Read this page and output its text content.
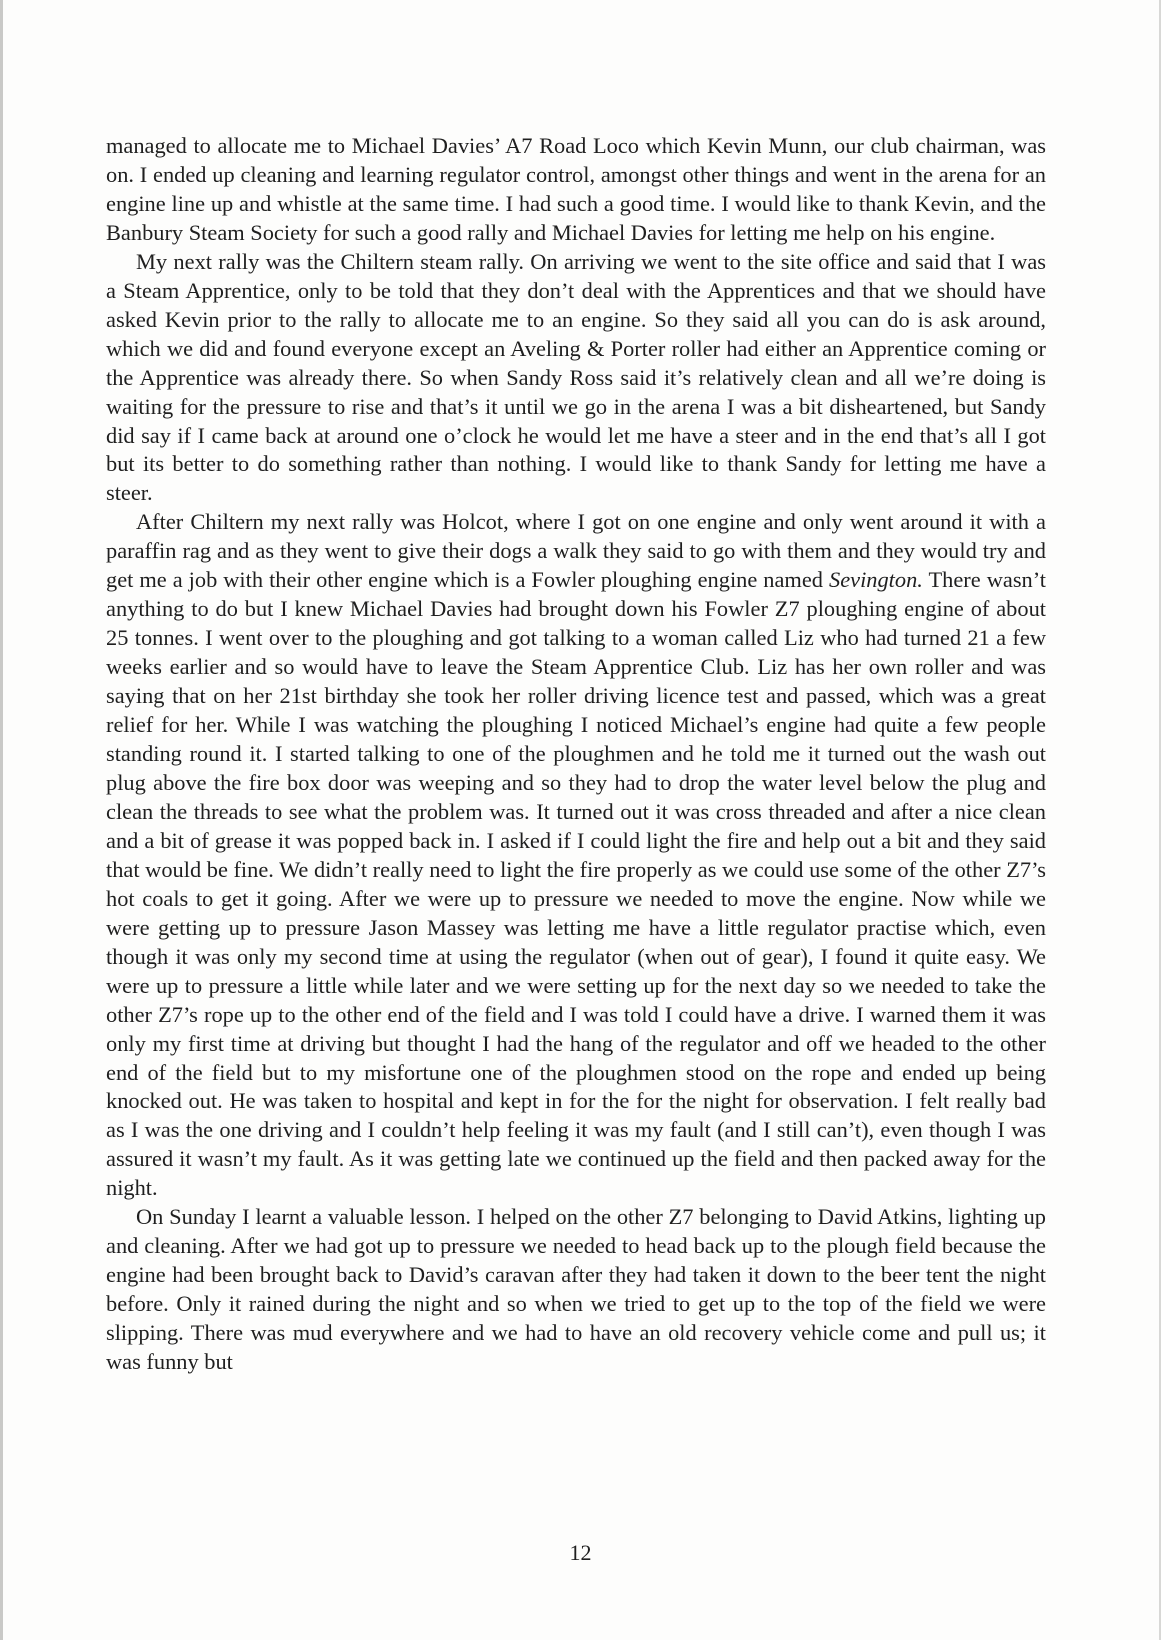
managed to allocate me to Michael Davies’ A7 Road Loco which Kevin Munn, our club chairman, was on. I ended up cleaning and learning regulator control, amongst other things and went in the arena for an engine line up and whistle at the same time. I had such a good time. I would like to thank Kevin, and the Banbury Steam Society for such a good rally and Michael Davies for letting me help on his engine.

My next rally was the Chiltern steam rally. On arriving we went to the site office and said that I was a Steam Apprentice, only to be told that they don’t deal with the Apprentices and that we should have asked Kevin prior to the rally to allocate me to an engine. So they said all you can do is ask around, which we did and found everyone except an Aveling & Porter roller had either an Apprentice coming or the Apprentice was already there. So when Sandy Ross said it’s relatively clean and all we’re doing is waiting for the pressure to rise and that’s it until we go in the arena I was a bit disheartened, but Sandy did say if I came back at around one o’clock he would let me have a steer and in the end that’s all I got but its better to do something rather than nothing. I would like to thank Sandy for letting me have a steer.

After Chiltern my next rally was Holcot, where I got on one engine and only went around it with a paraffin rag and as they went to give their dogs a walk they said to go with them and they would try and get me a job with their other engine which is a Fowler ploughing engine named Sevington. There wasn’t anything to do but I knew Michael Davies had brought down his Fowler Z7 ploughing engine of about 25 tonnes. I went over to the ploughing and got talking to a woman called Liz who had turned 21 a few weeks earlier and so would have to leave the Steam Apprentice Club. Liz has her own roller and was saying that on her 21st birthday she took her roller driving licence test and passed, which was a great relief for her. While I was watching the ploughing I noticed Michael’s engine had quite a few people standing round it. I started talking to one of the ploughmen and he told me it turned out the wash out plug above the fire box door was weeping and so they had to drop the water level below the plug and clean the threads to see what the problem was. It turned out it was cross threaded and after a nice clean and a bit of grease it was popped back in. I asked if I could light the fire and help out a bit and they said that would be fine. We didn’t really need to light the fire properly as we could use some of the other Z7’s hot coals to get it going. After we were up to pressure we needed to move the engine. Now while we were getting up to pressure Jason Massey was letting me have a little regulator practise which, even though it was only my second time at using the regulator (when out of gear), I found it quite easy. We were up to pressure a little while later and we were setting up for the next day so we needed to take the other Z7’s rope up to the other end of the field and I was told I could have a drive. I warned them it was only my first time at driving but thought I had the hang of the regulator and off we headed to the other end of the field but to my misfortune one of the ploughmen stood on the rope and ended up being knocked out. He was taken to hospital and kept in for the for the night for observation. I felt really bad as I was the one driving and I couldn’t help feeling it was my fault (and I still can’t), even though I was assured it wasn’t my fault. As it was getting late we continued up the field and then packed away for the night.

On Sunday I learnt a valuable lesson. I helped on the other Z7 belonging to David Atkins, lighting up and cleaning. After we had got up to pressure we needed to head back up to the plough field because the engine had been brought back to David’s caravan after they had taken it down to the beer tent the night before. Only it rained during the night and so when we tried to get up to the top of the field we were slipping. There was mud everywhere and we had to have an old recovery vehicle come and pull us; it was funny but

12
